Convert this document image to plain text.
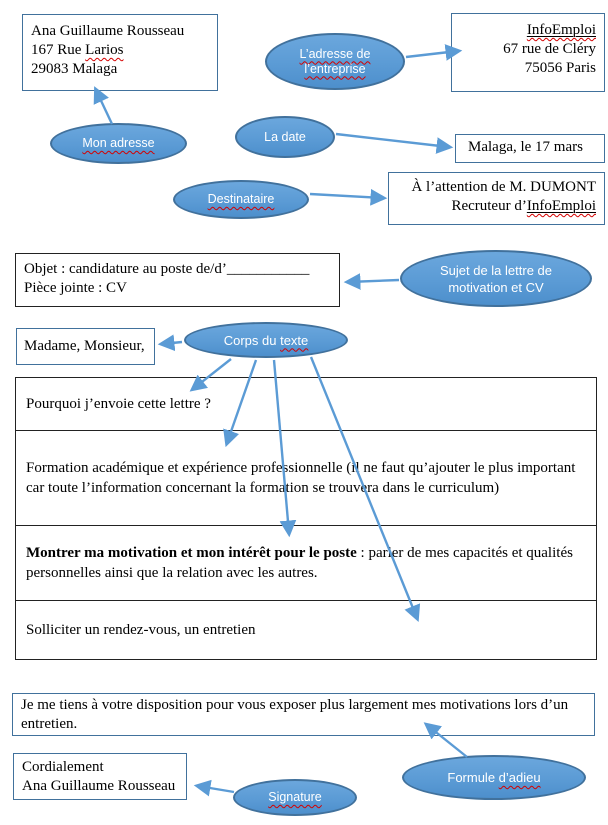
Ana Guillaume Rousseau
167 Rue Larios
29083 Malaga
InfoEmploi
67 rue de Cléry
75056 Paris
Malaga, le 17 mars
À l’attention de M. DUMONT
Recruteur d’InfoEmploi
Objet : candidature au poste de/d’___________
Pièce jointe : CV
Madame, Monsieur,
Pourquoi j’envoie cette lettre ?
Formation académique et expérience professionnelle (il ne faut qu’ajouter le plus important car toute l’information concernant la formation se trouvera dans le curriculum)
Montrer ma motivation et mon intérêt pour le poste : parler de mes capacités et qualités personnelles ainsi que la relation avec les autres.
Solliciter un rendez-vous, un entretien
Je me tiens à votre disposition pour vous exposer plus largement mes motivations lors d’un entretien.
Cordialement
Ana Guillaume Rousseau
L’adresse de
l’entreprise
Mon adresse	La date
Destinataire
Sujet de la lettre de
motivation et CV
Corps du texte
Formule d’adieu
Signature
